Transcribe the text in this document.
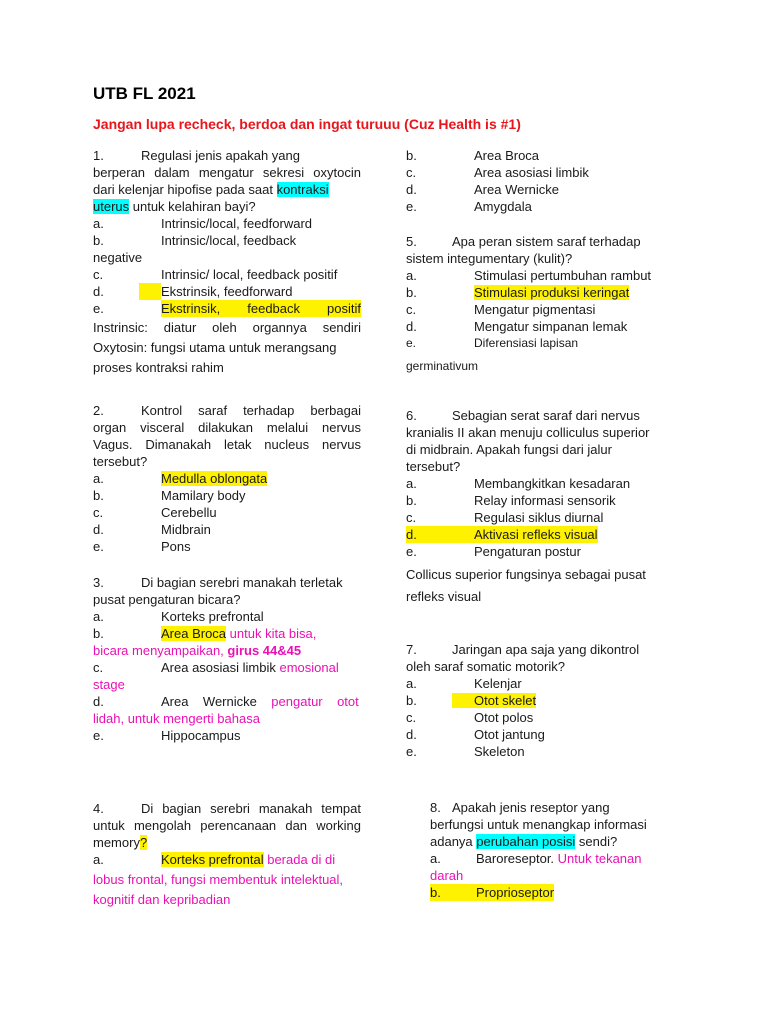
UTB FL 2021
Jangan lupa recheck, berdoa dan ingat turuuu (Cuz Health is #1)
1.	Regulasi jenis apakah yang
berperan dalam mengatur sekresi oxytocin
dari kelenjar hipofise pada saat kontraksi
uterus untuk kelahiran bayi?
a.	Intrinsic/local, feedforward
b.	Intrinsic/local, feedback
negative
c.	Intrinsic/ local, feedback positif
d.	Ekstrinsik, feedforward
e.	Ekstrinsik,       feedback       positif
Instrinsic: diatur oleh organnya sendiri
Oxytosin: fungsi utama untuk merangsang
proses kontraksi rahim
2.	Kontrol saraf terhadap berbagai
organ visceral dilakukan melalui nervus
Vagus. Dimanakah letak nucleus nervus
tersebut?
a.	Medulla oblongata
b.	Mamilary body
c.	Cerebellu
d.	Midbrain
e.	Pons
3.	Di bagian serebri manakah terletak
pusat pengaturan bicara?
a.	Korteks prefrontal
b.	Area Broca untuk kita bisa,
bicara menyampaikan, girus 44&45
c.	Area asosiasi limbik emosional
stage
d.	Area    Wernicke    pengatur    otot
lidah, untuk mengerti bahasa
e.	Hippocampus
4.	Di bagian serebri manakah tempat
untuk mengolah perencanaan dan working
memory?
a.	Korteks prefrontal berada di di
lobus frontal, fungsi membentuk intelektual,
kognitif dan kepribadian
b.	Area Broca
c.	Area asosiasi limbik
d.	Area Wernicke
e.	Amygdala
5.	Apa peran sistem saraf terhadap
sistem integumentary (kulit)?
a.	Stimulasi pertumbuhan rambut
b.	Stimulasi produksi keringat
c.	Mengatur pigmentasi
d.	Mengatur simpanan lemak
e.	Diferensiasi lapisan
germinativum
6.	Sebagian serat saraf dari nervus
kranialis II akan menuju colliculus superior
di midbrain. Apakah fungsi dari jalur
tersebut?
a.	Membangkitkan kesadaran
b.	Relay informasi sensorik
c.	Regulasi siklus diurnal
d.	Aktivasi refleks visual
e.	Pengaturan postur
Collicus superior fungsinya sebagai pusat
refleks visual
7.	Jaringan apa saja yang dikontrol
oleh saraf somatic motorik?
a.	Kelenjar
b.	Otot skelet
c.	Otot polos
d.	Otot jantung
e.	Skeleton
8. Apakah jenis reseptor yang
berfungsi untuk menangkap informasi
adanya perubahan posisi sendi?
a.	Baroreseptor. Untuk tekanan
darah
b.	Proprioseptor
